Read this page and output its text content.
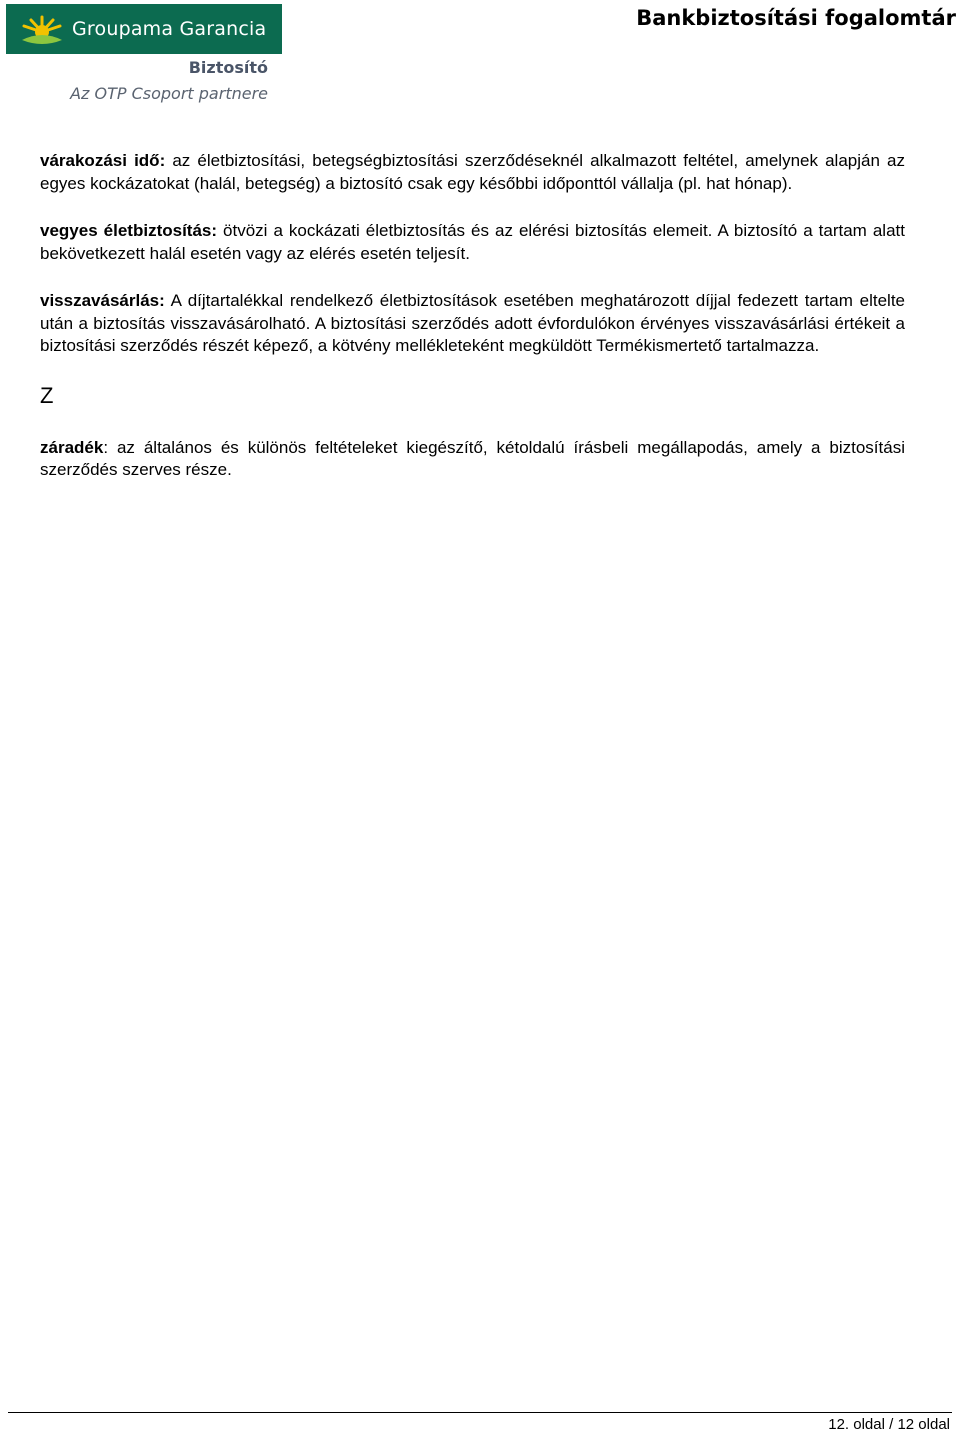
Groupama Garancia
Biztosító
Az OTP Csoport partnere
Bankbiztosítási fogalomtár

várakozási idő: az életbiztosítási, betegségbiztosítási szerződéseknél alkalmazott feltétel, amelynek alapján az egyes kockázatokat (halál, betegség) a biztosító csak egy későbbi időponttól vállalja (pl. hat hónap).

vegyes életbiztosítás: ötvözi a kockázati életbiztosítás és az elérési biztosítás elemeit. A biztosító a tartam alatt bekövetkezett halál esetén vagy az elérés esetén teljesít.

visszavásárlás: A díjtartalékkal rendelkező életbiztosítások esetében meghatározott díjjal fedezett tartam eltelte után a biztosítás visszavásárolható. A biztosítási szerződés adott évfordulókon érvényes visszavásárlási értékeit a biztosítási szerződés részét képező, a kötvény mellékleteként megküldött Termékismertető tartalmazza.

Z

záradék: az általános és különös feltételeket kiegészítő, kétoldalú írásbeli megállapodás, amely a biztosítási szerződés szerves része.

12. oldal / 12 oldal
